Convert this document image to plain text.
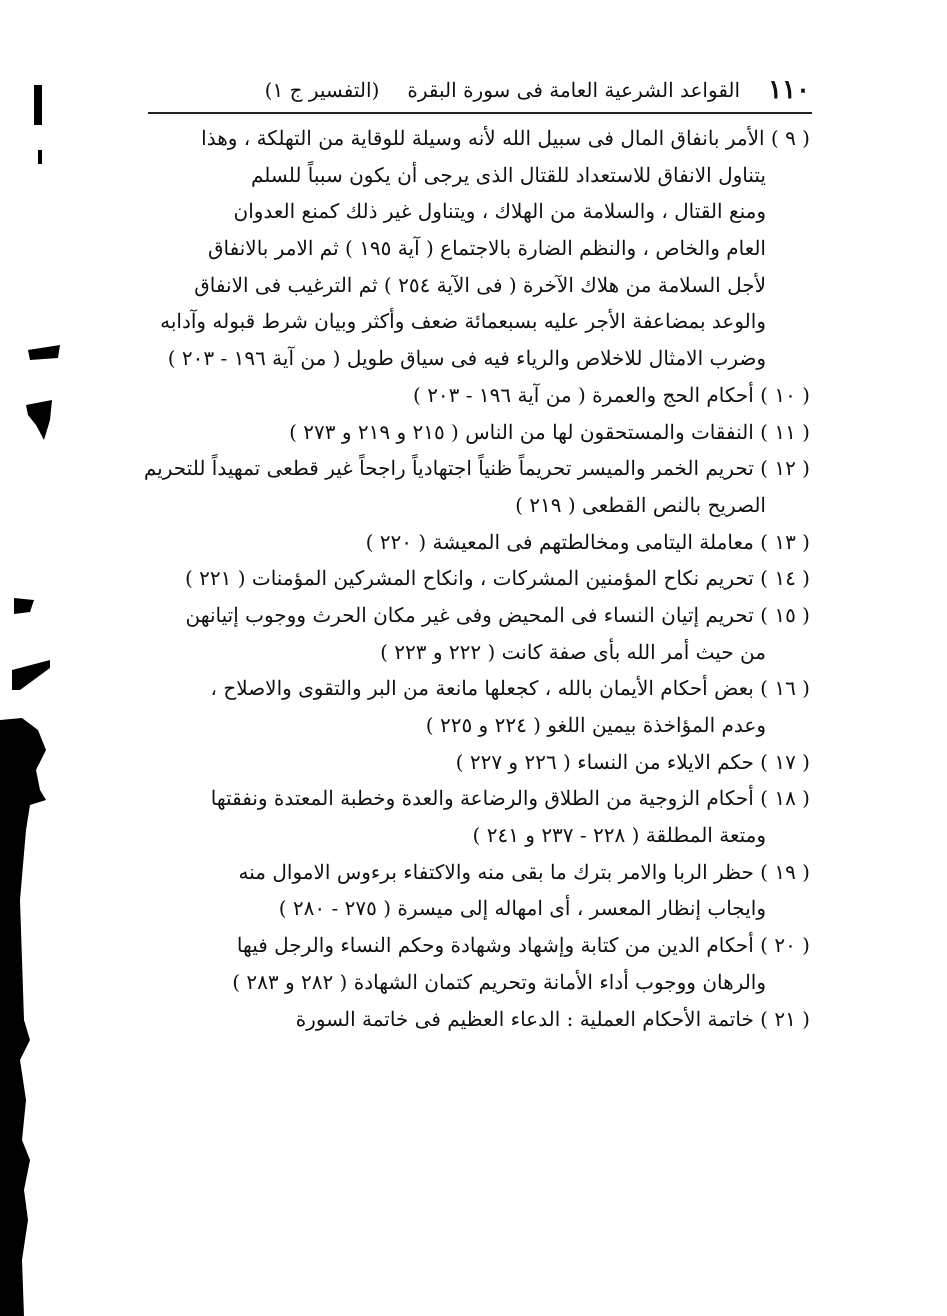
١١٠
القواعد الشرعية العامة فى سورة البقرة
(التفسير ج ١)
( ٩ ) الأمر بانفاق المال فى سبيل الله لأنه وسيلة للوقاية من التهلكة ، وهذا
يتناول الانفاق للاستعداد للقتال الذى يرجى أن يكون سبباً للسلم
ومنع القتال ، والسلامة من الهلاك ، ويتناول غير ذلك كمنع العدوان
العام والخاص ، والنظم الضارة بالاجتماع ( آية ١٩٥ ) ثم الامر بالانفاق
لأجل السلامة من هلاك الآخرة ( فى الآية ٢٥٤ ) ثم الترغيب فى الانفاق
والوعد بمضاعفة الأجر عليه بسبعمائة ضعف وأكثر وبيان شرط قبوله وآدابه
وضرب الامثال للاخلاص والرياء فيه فى سياق طويل ( من آية ١٩٦ - ٢٠٣ )
( ١٠ ) أحكام الحج والعمرة ( من آية ١٩٦ - ٢٠٣ )
( ١١ ) النفقات والمستحقون لها من الناس ( ٢١٥ و ٢١٩ و ٢٧٣ )
( ١٢ ) تحريم الخمر والميسر تحريماً ظنياً اجتهادياً راجحاً غير قطعى تمهيداً للتحريم
الصريح بالنص القطعى ( ٢١٩ )
( ١٣ ) معاملة اليتامى ومخالطتهم فى المعيشة ( ٢٢٠ )
( ١٤ ) تحريم نكاح المؤمنين المشركات ، وانكاح المشركين المؤمنات ( ٢٢١ )
( ١٥ ) تحريم إتيان النساء فى المحيض وفى غير مكان الحرث ووجوب إتيانهن
من حيث أمر الله بأى صفة كانت ( ٢٢٢ و ٢٢٣ )
( ١٦ ) بعض أحكام الأيمان بالله ، كجعلها مانعة من البر والتقوى والاصلاح ،
وعدم المؤاخذة بيمين اللغو ( ٢٢٤ و ٢٢٥ )
( ١٧ ) حكم الايلاء من النساء ( ٢٢٦ و ٢٢٧ )
( ١٨ ) أحكام الزوجية من الطلاق والرضاعة والعدة وخطبة المعتدة ونفقتها
ومتعة المطلقة ( ٢٢٨ - ٢٣٧ و ٢٤١ )
( ١٩ ) حظر الربا والامر بترك ما بقى منه والاكتفاء برءوس الاموال منه
وايجاب إنظار المعسر ، أى امهاله إلى ميسرة ( ٢٧٥ - ٢٨٠ )
( ٢٠ ) أحكام الدين من كتابة وإشهاد وشهادة وحكم النساء والرجل فيها
والرهان ووجوب أداء الأمانة وتحريم كتمان الشهادة ( ٢٨٢ و ٢٨٣ )
( ٢١ ) خاتمة الأحكام العملية : الدعاء العظيم فى خاتمة السورة
